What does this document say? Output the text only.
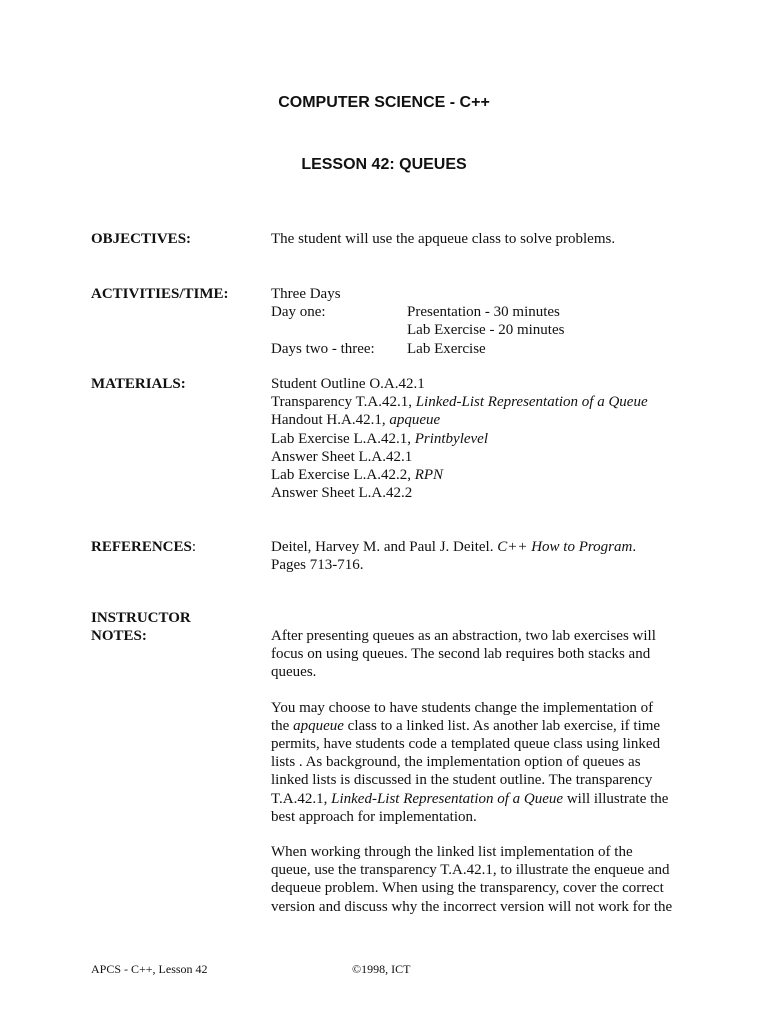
COMPUTER SCIENCE - C++
LESSON 42: QUEUES
OBJECTIVES:	The student will use the apqueue class to solve problems.
ACTIVITIES/TIME:	Three Days
Day one:	Presentation - 30 minutes
Lab Exercise - 20 minutes
Days two - three: Lab Exercise
MATERIALS:	Student Outline O.A.42.1
Transparency T.A.42.1, Linked-List Representation of a Queue
Handout H.A.42.1, apqueue
Lab Exercise L.A.42.1, Printbylevel
Answer Sheet L.A.42.1
Lab Exercise L.A.42.2, RPN
Answer Sheet L.A.42.2
REFERENCES:	Deitel, Harvey M. and Paul J. Deitel. C++ How to Program.
Pages 713-716.
INSTRUCTOR
NOTES:	After presenting queues as an abstraction, two lab exercises will
focus on using queues. The second lab requires both stacks and
queues.
You may choose to have students change the implementation of
the apqueue class to a linked list. As another lab exercise, if time
permits, have students code a templated queue class using linked
lists . As background, the implementation option of queues as
linked lists is discussed in the student outline. The transparency
T.A.42.1, Linked-List Representation of a Queue will illustrate the
best approach for implementation.
When working through the linked list implementation of the
queue, use the transparency T.A.42.1, to illustrate the enqueue and
dequeue problem. When using the transparency, cover the correct
version and discuss why the incorrect version will not work for the
APCS - C++, Lesson 42	©1998, ICT
